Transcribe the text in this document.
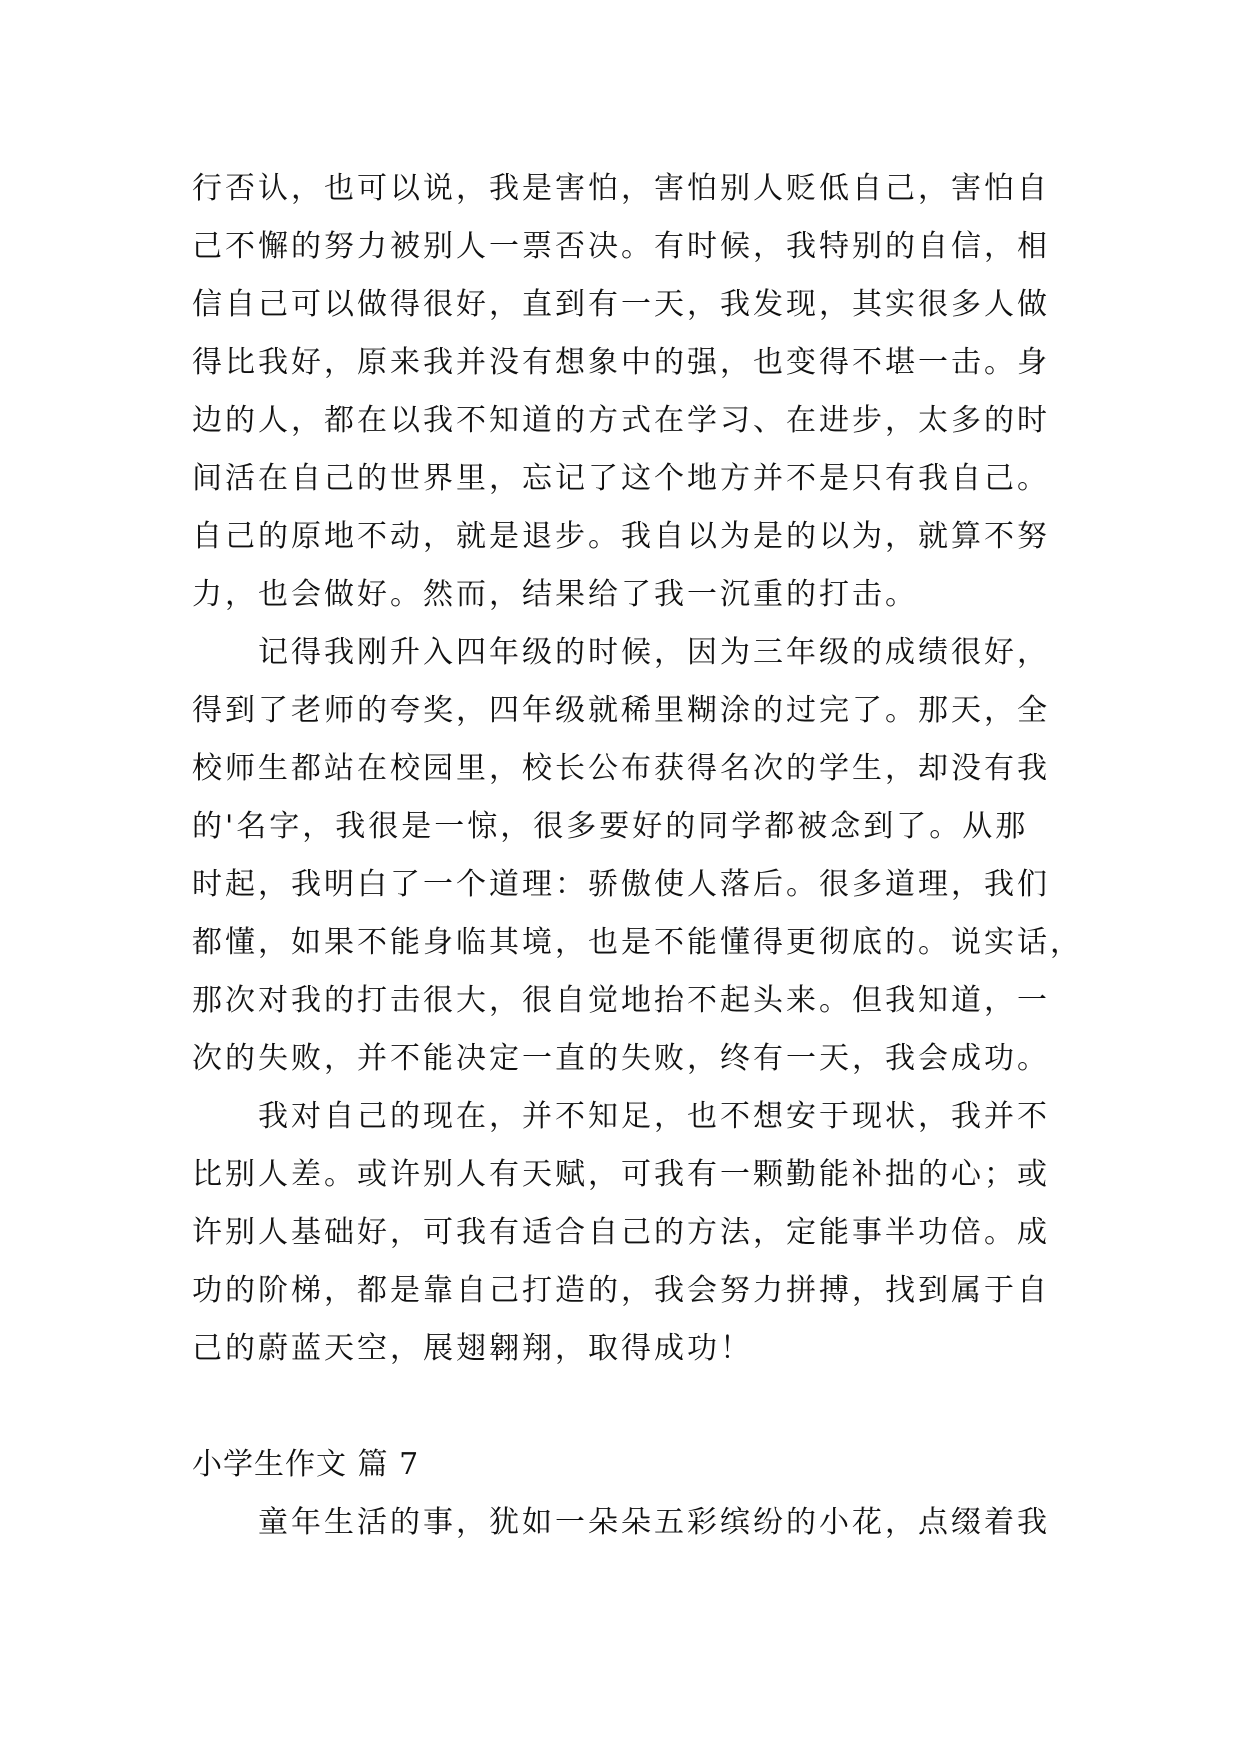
行否认，也可以说，我是害怕，害怕别人贬低自己，害怕自
己不懈的努力被别人一票否决。有时候，我特别的自信，相
信自己可以做得很好，直到有一天，我发现，其实很多人做
得比我好，原来我并没有想象中的强，也变得不堪一击。身
边的人，都在以我不知道的方式在学习、在进步，太多的时
间活在自己的世界里，忘记了这个地方并不是只有我自己。
自己的原地不动，就是退步。我自以为是的以为，就算不努
力，也会做好。然而，结果给了我一沉重的打击。
记得我刚升入四年级的时候，因为三年级的成绩很好，
得到了老师的夸奖，四年级就稀里糊涂的过完了。那天，全
校师生都站在校园里，校长公布获得名次的学生，却没有我
的'名字，我很是一惊，很多要好的同学都被念到了。从那
时起，我明白了一个道理：骄傲使人落后。很多道理，我们
都懂，如果不能身临其境，也是不能懂得更彻底的。说实话，
那次对我的打击很大，很自觉地抬不起头来。但我知道，一
次的失败，并不能决定一直的失败，终有一天，我会成功。
我对自己的现在，并不知足，也不想安于现状，我并不
比别人差。或许别人有天赋，可我有一颗勤能补拙的心；或
许别人基础好，可我有适合自己的方法，定能事半功倍。成
功的阶梯，都是靠自己打造的，我会努力拼搏，找到属于自
己的蔚蓝天空，展翅翱翔，取得成功！
小学生作文 篇 7
童年生活的事，犹如一朵朵五彩缤纷的小花，点缀着我
